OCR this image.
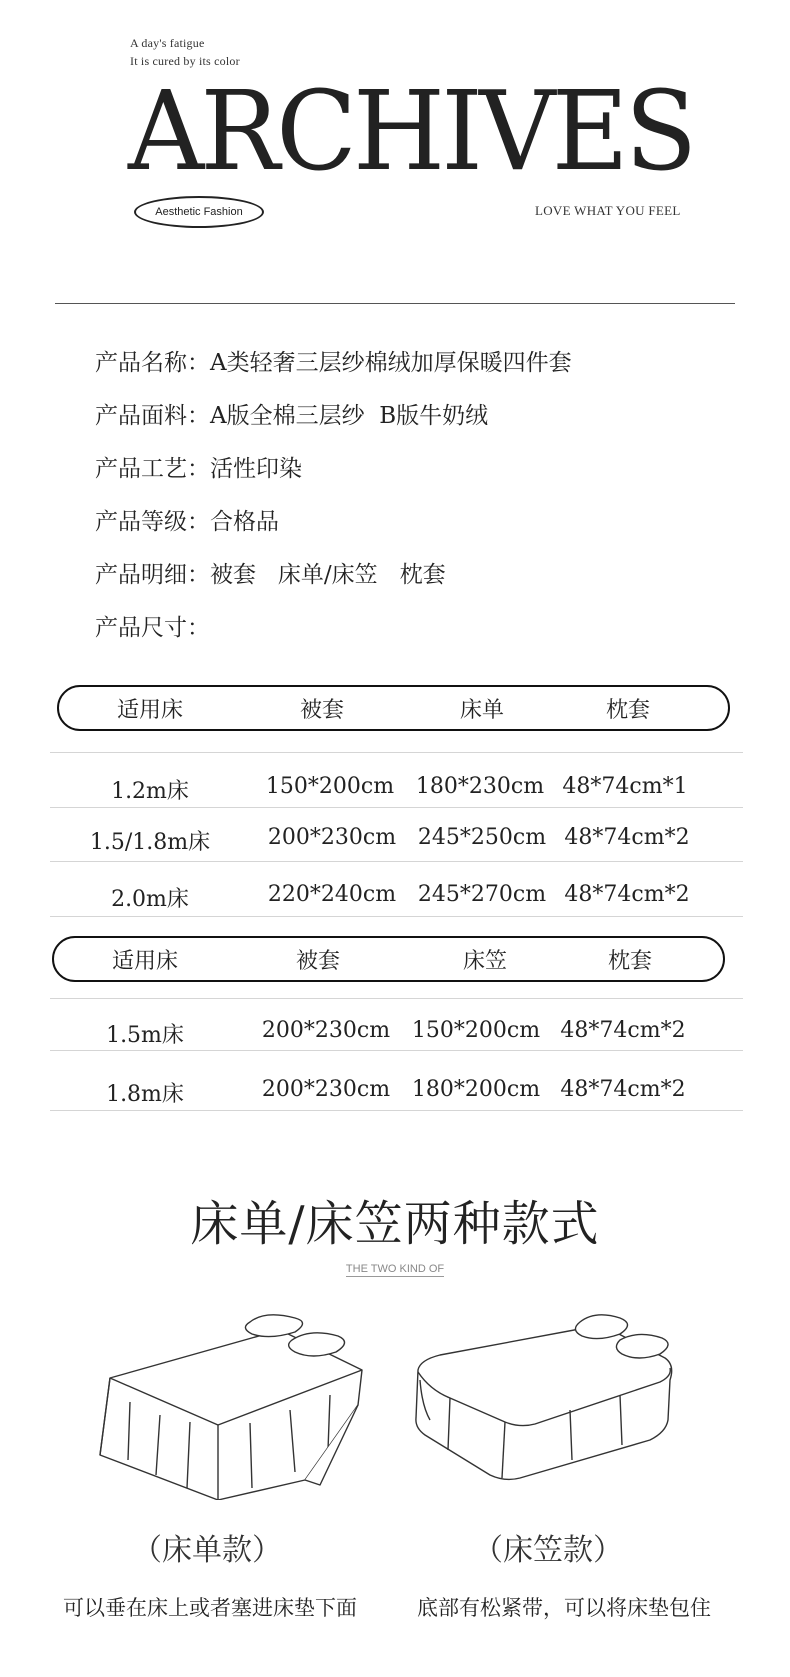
A day's fatigue
It is cured by its color
ARCHIVES
Aesthetic Fashion	LOVE WHAT YOU FEEL
产品名称：A类轻奢三层纱棉绒加厚保暖四件套
产品面料：A版全棉三层纱  B版牛奶绒
产品工艺：活性印染
产品等级：合格品
产品明细：被套   床单/床笠   枕套
产品尺寸：
适用床	被套	床单	枕套
1.2m床	150*200cm 180*230cm 48*74cm*1
1.5/1.8m床	200*230cm 245*250cm 48*74cm*2
2.0m床	220*240cm 245*270cm 48*74cm*2
适用床	被套	床笠	枕套
1.5m床	200*230cm 150*200cm 48*74cm*2
1.8m床	200*230cm 180*200cm 48*74cm*2
床单/床笠两种款式
THE TWO KIND OF
（床单款）	（床笠款）
可以垂在床上或者塞进床垫下面	底部有松紧带，可以将床垫包住
